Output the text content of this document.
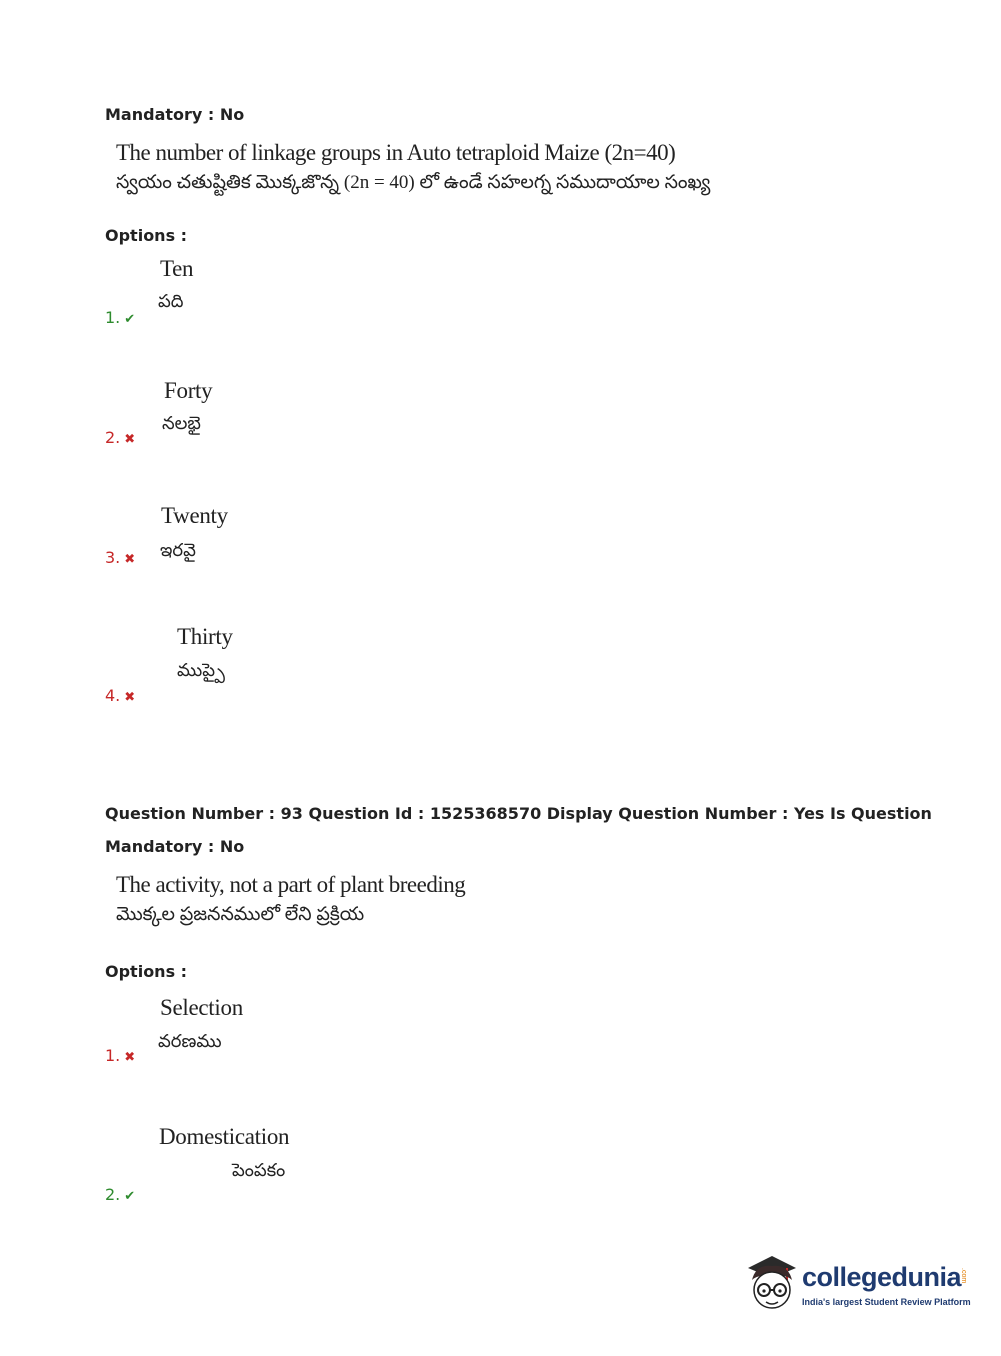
Mandatory : No
The number of linkage groups in Auto tetraploid Maize (2n=40)
స్వయం చతుష్టితిక మొక్కజొన్న (2n = 40) లో ఉండే సహలగ్న సముదాయాల సంఖ్య
Options :
Ten
పది
1. ✔
Forty
నలభై
2. ✖
Twenty
ఇరవై
3. ✖
Thirty
ముప్పై
4. ✖
Question Number : 93 Question Id : 1525368570 Display Question Number : Yes Is Question
Mandatory : No
The activity, not a part of plant breeding
మొక్కల ప్రజననములో లేని ప్రక్రియ
Options :
Selection
వరణము
1. ✖
Domestication
పెంపకం
2. ✔
collegedunia
.com
India's largest Student Review Platform
